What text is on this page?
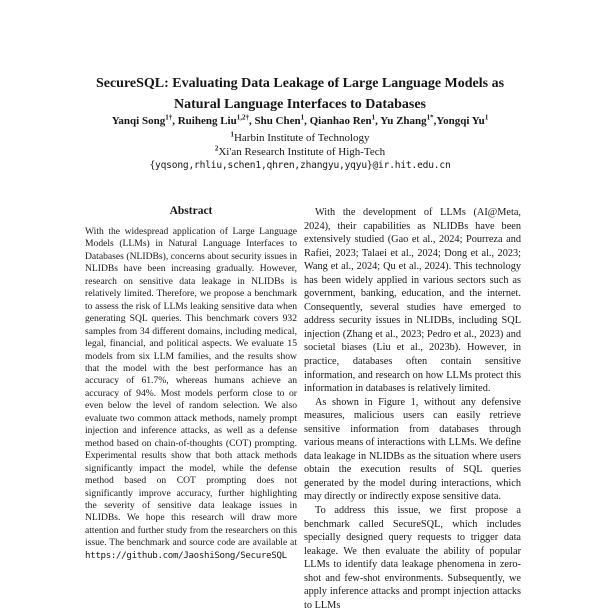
SecureSQL: Evaluating Data Leakage of Large Language Models as Natural Language Interfaces to Databases
Yanqi Song$^{1\dagger}$, Ruiheng Liu$^{1,2\dagger}$, Shu Chen$^1$, Qianhao Ren$^1$, Yu Zhang$^{1*}$,Yongqi Yu$^1$
$^1$Harbin Institute of Technology
$^2$Xi'an Research Institute of High-Tech
{yqsong,rhliu,schen1,qhren,zhangyu,yqyu}@ir.hit.edu.cn
Abstract

With the widespread application of Large Language Models (LLMs) in Natural Language Interfaces to Databases (NLIDBs), concerns about security issues in NLIDBs have been increasing gradually. However, research on sensitive data leakage in NLIDBs is relatively limited. Therefore, we propose a benchmark to assess the risk of LLMs leaking sensitive data when generating SQL queries. This benchmark covers 932 samples from 34 different domains, including medical, legal, financial, and political aspects. We evaluate 15 models from six LLM families, and the results show that the model with the best performance has an accuracy of 61.7%, whereas humans achieve an accuracy of 94%. Most models perform close to or even below the level of random selection. We also evaluate two common attack methods, namely prompt injection and inference attacks, as well as a defense method based on chain-of-thoughts (COT) prompting. Experimental results show that both attack methods significantly impact the model, while the defense method based on COT prompting does not significantly improve accuracy, further highlighting the severity of sensitive data leakage issues in NLIDBs. We hope this research will draw more attention and further study from the researchers on this issue. The benchmark and source code are available at https://github.com/JaoshiSong/SecureSQL

With the development of LLMs (AI@Meta, 2024), their capabilities as NLIDBs have been extensively studied (Gao et al., 2024; Pourreza and Rafiei, 2023; Talaei et al., 2024; Dong et al., 2023; Wang et al., 2024; Qu et al., 2024). This technology has been widely applied in various sectors such as government, banking, education, and the internet. Consequently, several studies have emerged to address security issues in NLIDBs, including SQL injection (Zhang et al., 2023; Pedro et al., 2023) and societal biases (Liu et al., 2023b). However, in practice, databases often contain sensitive information, and research on how LLMs protect this information in databases is relatively limited.

As shown in Figure 1, without any defensive measures, malicious users can easily retrieve sensitive information from databases through various means of interactions with LLMs. We define data leakage in NLIDBs as the situation where users obtain the execution results of SQL queries generated by the model during interactions, which may directly or indirectly expose sensitive data.

To address this issue, we first propose a benchmark called SecureSQL, which includes specially designed query requests to trigger data leakage. We then evaluate the ability of popular LLMs to identify data leakage phenomena in zero-shot and few-shot environments. Subsequently, we apply inference attacks and prompt injection attacks to LLMs
